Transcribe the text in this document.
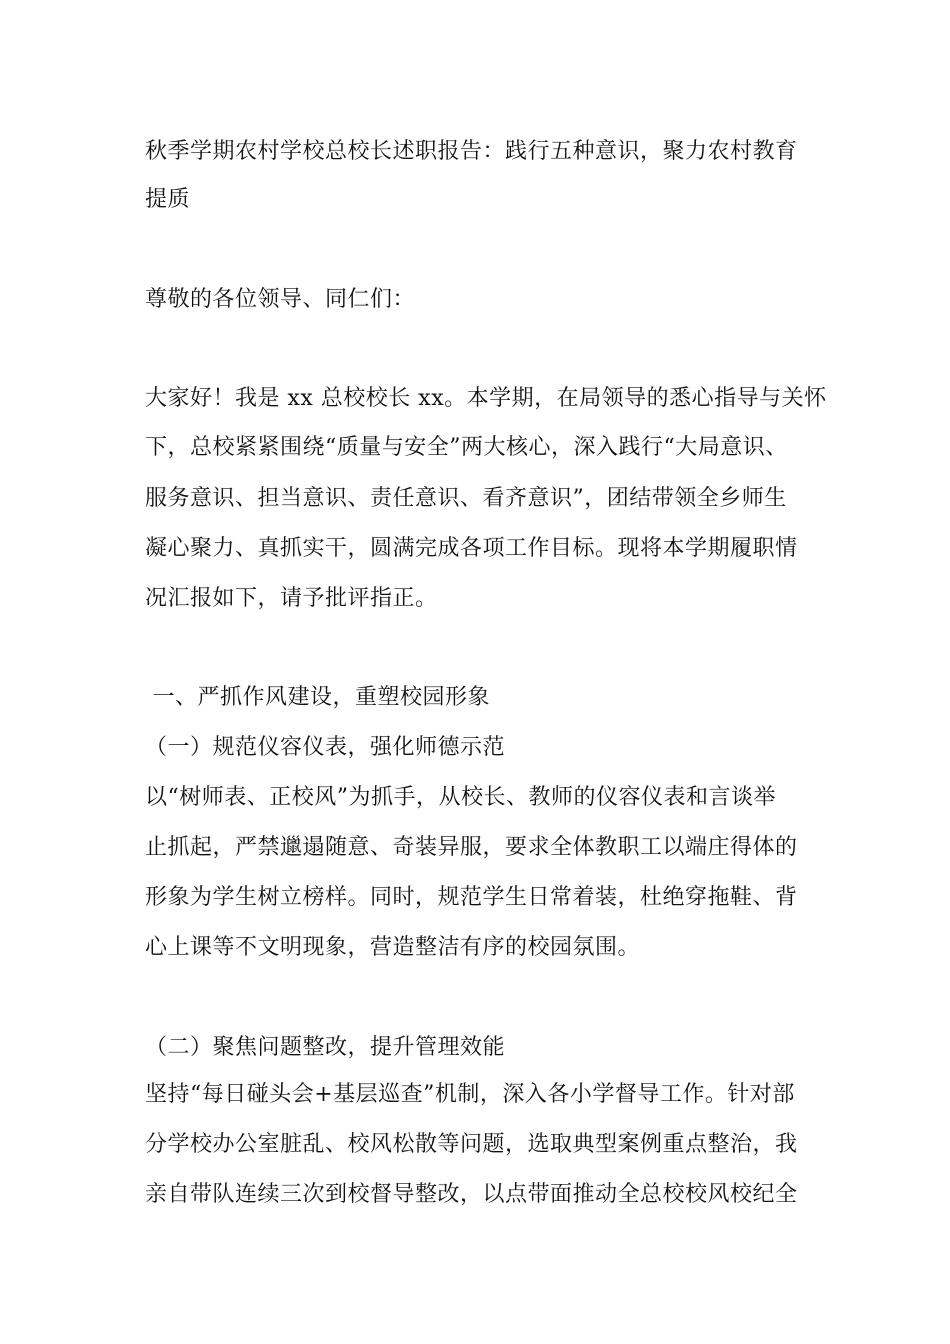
秋季学期农村学校总校长述职报告：践行五种意识，聚力农村教育
提质
尊敬的各位领导、同仁们：
大家好！我是 xx 总校校长 xx。本学期，在局领导的悉心指导与关怀
下，总校紧紧围绕“质量与安全”两大核心，深入践行“大局意识、
服务意识、担当意识、责任意识、看齐意识”，团结带领全乡师生
凝心聚力、真抓实干，圆满完成各项工作目标。现将本学期履职情
况汇报如下，请予批评指正。
一、严抓作风建设，重塑校园形象
（一）规范仪容仪表，强化师德示范
以“树师表、正校风”为抓手，从校长、教师的仪容仪表和言谈举
止抓起，严禁邋遢随意、奇装异服，要求全体教职工以端庄得体的
形象为学生树立榜样。同时，规范学生日常着装，杜绝穿拖鞋、背
心上课等不文明现象，营造整洁有序的校园氛围。
（二）聚焦问题整改，提升管理效能
坚持“每日碰头会+基层巡查”机制，深入各小学督导工作。针对部
分学校办公室脏乱、校风松散等问题，选取典型案例重点整治，我
亲自带队连续三次到校督导整改，以点带面推动全总校校风校纪全
